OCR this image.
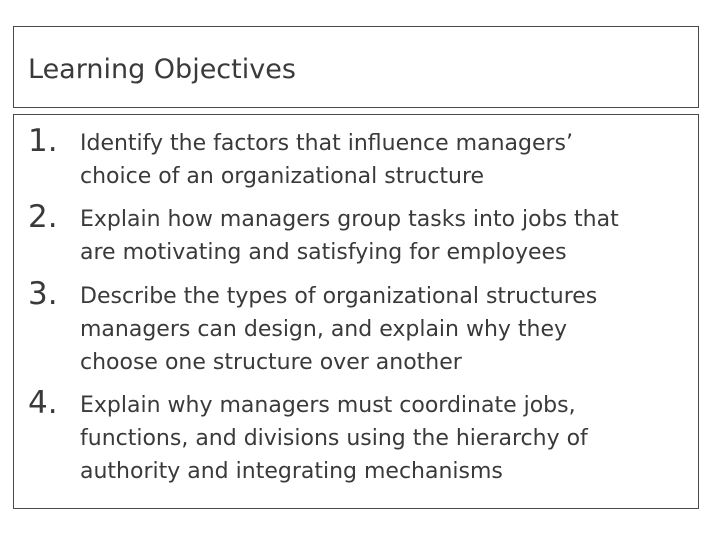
Learning Objectives
1. Identify the factors that influence managers’
choice of an organizational structure
2. Explain how managers group tasks into jobs that
are motivating and satisfying for employees
3. Describe the types of organizational structures
managers can design, and explain why they
choose one structure over another
4. Explain why managers must coordinate jobs,
functions, and divisions using the hierarchy of
authority and integrating mechanisms
